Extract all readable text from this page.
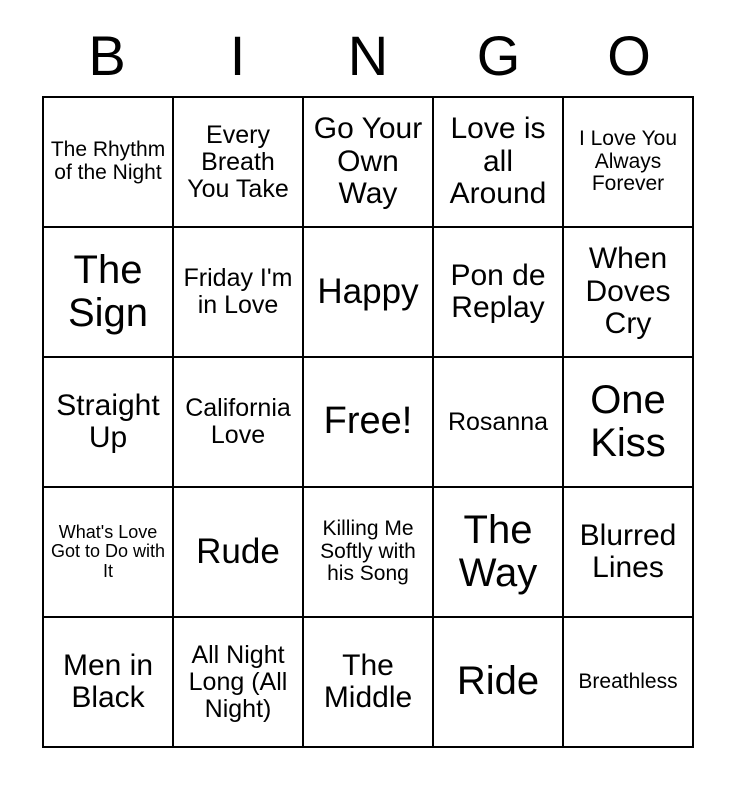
B	I	N	G	O
The Rhythm of the Night
Every Breath You Take
Go Your Own Way
Love is all Around
I Love You Always Forever
The Sign
Friday I'm in Love	Happy	Pon de Replay
When Doves Cry
Straight Up
California Love	Free!	Rosanna	One Kiss
What's Love Got to Do with It	Rude
Killing Me Softly with his Song
The Way
Blurred Lines
Men in Black
All Night Long (All Night)
The Middle	Ride	Breathless
